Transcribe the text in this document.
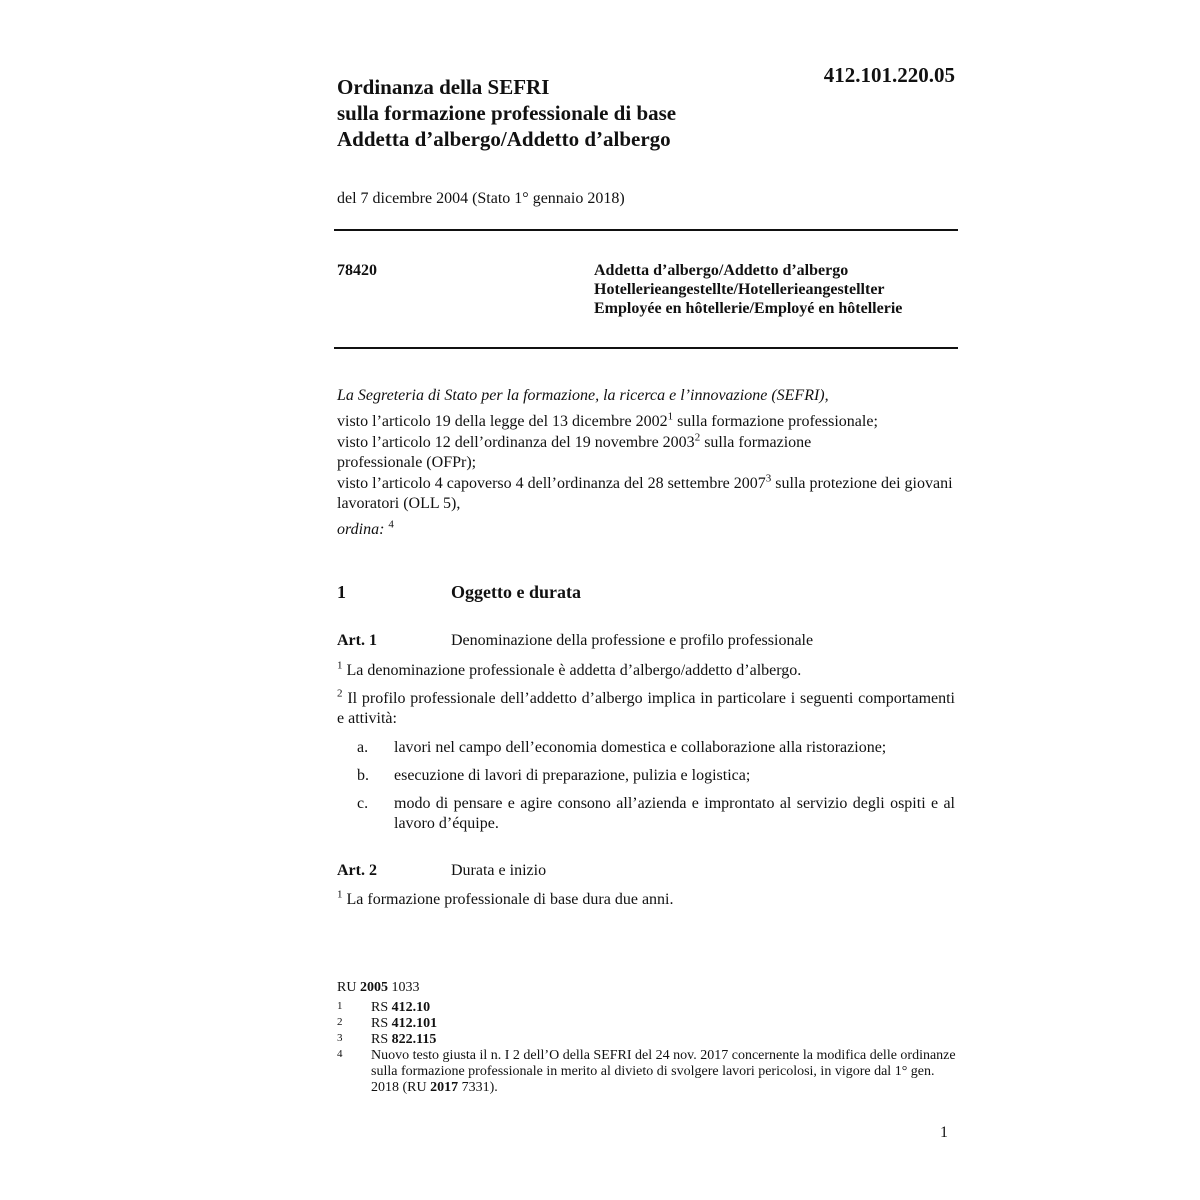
Ordinanza della SEFRI
sulla formazione professionale di base
Addetta d’albergo/Addetto d’albergo
412.101.220.05
del 7 dicembre 2004 (Stato 1° gennaio 2018)
78420	Addetta d’albergo/Addetto d’albergo
Hotellerieangestellte/Hotellerieangestellter
Employée en hôtellerie/Employé en hôtellerie
La Segreteria di Stato per la formazione, la ricerca e l’innovazione (SEFRI),
visto l’articolo 19 della legge del 13 dicembre 2002$^1$ sulla formazione professionale;
visto l’articolo 12 dell’ordinanza del 19 novembre 2003$^2$ sulla formazione professionale (OFPr);
visto l’articolo 4 capoverso 4 dell’ordinanza del 28 settembre 2007$^3$ sulla protezione dei giovani lavoratori (OLL 5),
ordina: $^4$
1	Oggetto e durata
Art. 1	Denominazione della professione e profilo professionale
$^1$ La denominazione professionale è addetta d’albergo/addetto d’albergo.
$^2$ Il profilo professionale dell’addetto d’albergo implica in particolare i seguenti comportamenti e attività:
a. lavori nel campo dell’economia domestica e collaborazione alla ristorazione;
b. esecuzione di lavori di preparazione, pulizia e logistica;
c. modo di pensare e agire consono all’azienda e improntato al servizio degli ospiti e al lavoro d’équipe.
Art. 2	Durata e inizio
$^1$ La formazione professionale di base dura due anni.
RU 2005 1033
1 RS 412.10
2 RS 412.101
3 RS 822.115
4 Nuovo testo giusta il n. I 2 dell’O della SEFRI del 24 nov. 2017 concernente la modifica delle ordinanze sulla formazione professionale in merito al divieto di svolgere lavori pericolosi, in vigore dal 1° gen. 2018 (RU 2017 7331).
1
